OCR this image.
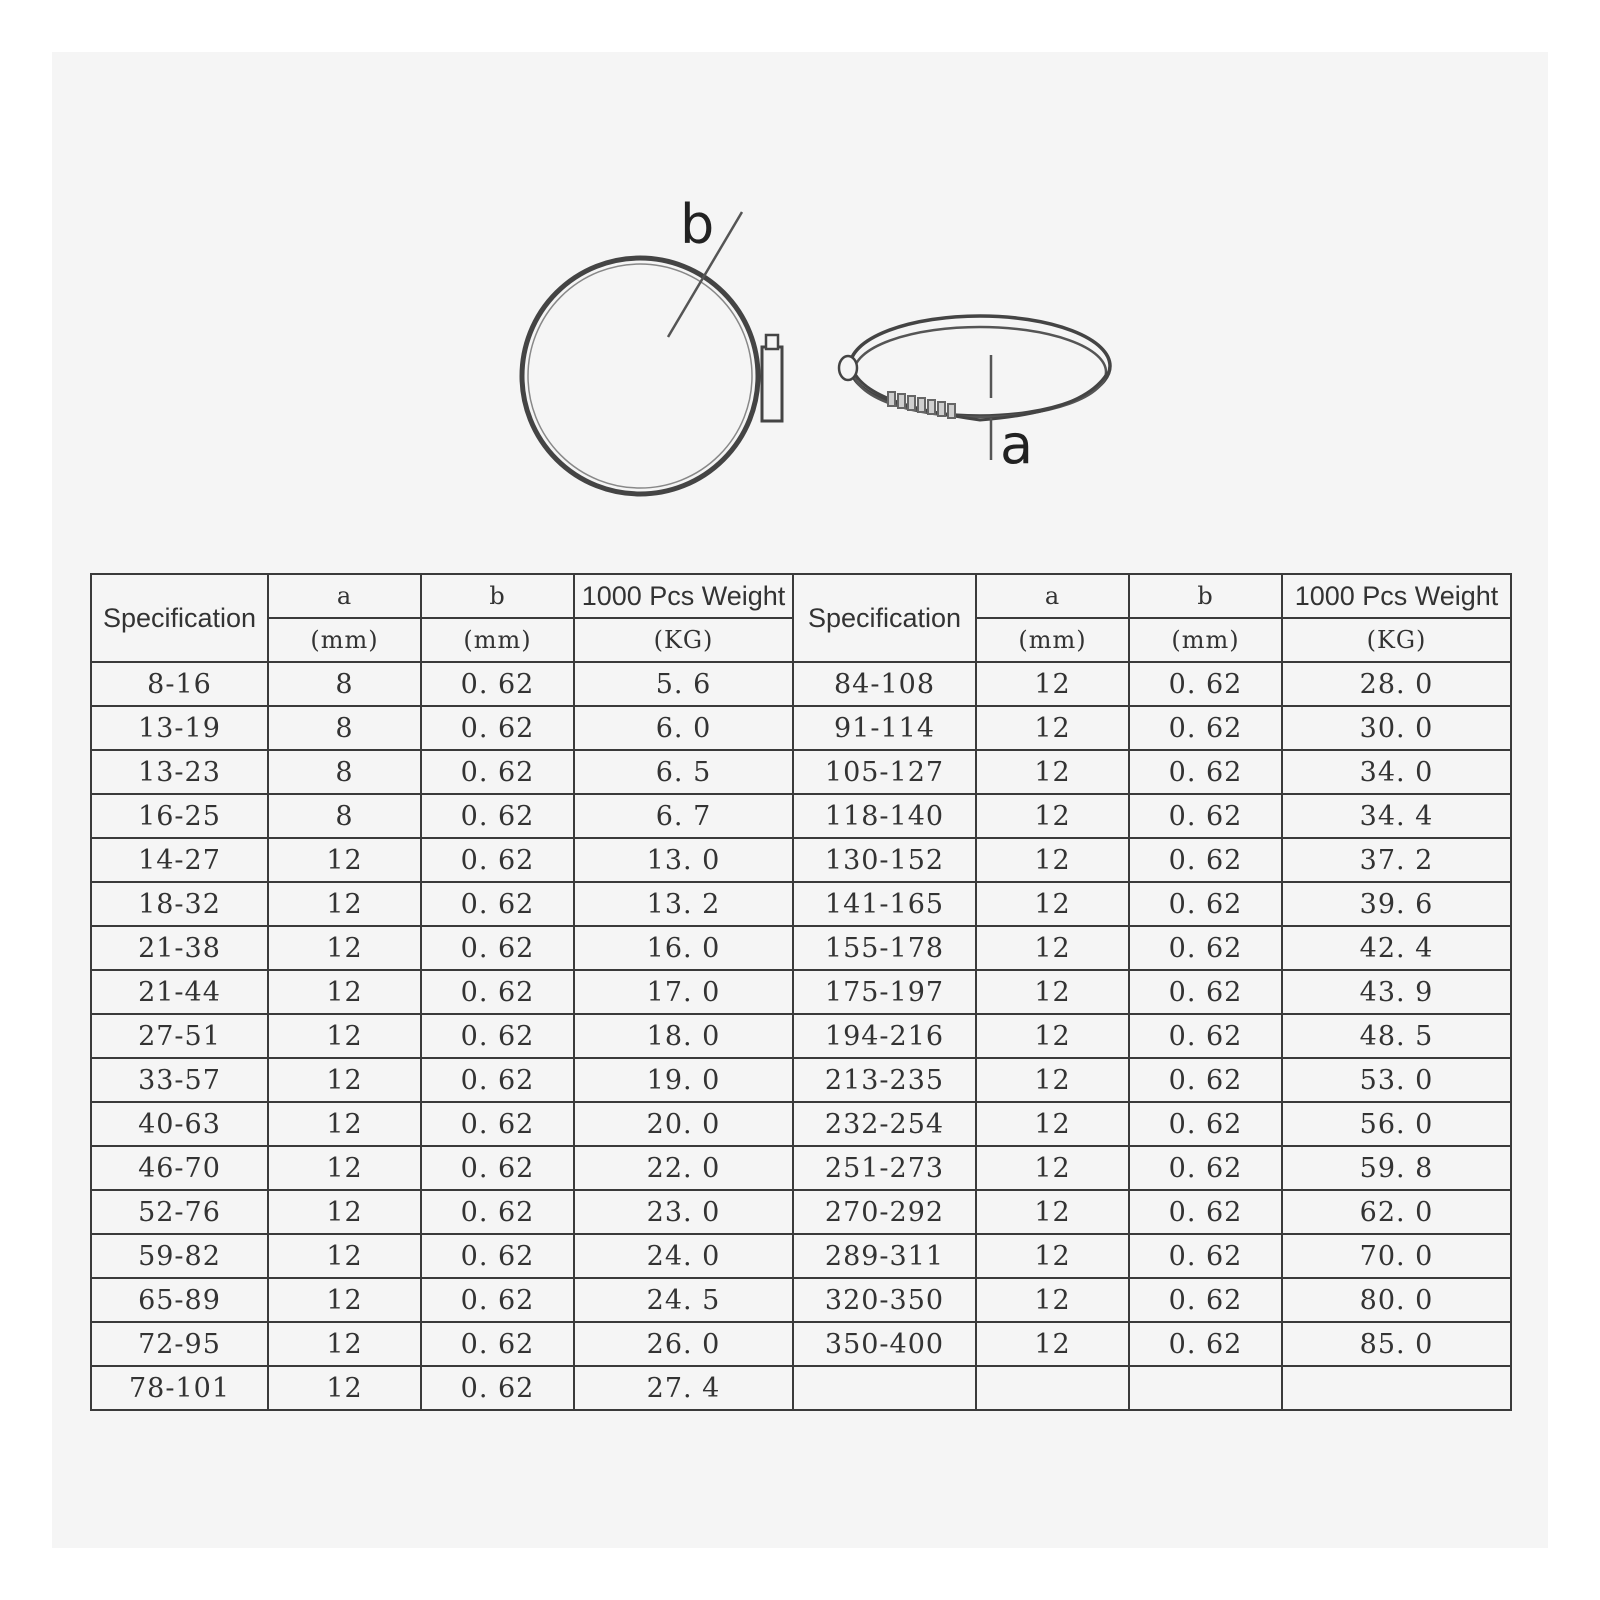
b
a
Specification	a	b	1000 Pcs Weight	Specification	a	b	1000 Pcs Weight
	(mm)	(mm)	(KG)		(mm)	(mm)	(KG)
8-16	8	0. 62	5. 6	84-108	12	0. 62	28. 0
13-19	8	0. 62	6. 0	91-114	12	0. 62	30. 0
13-23	8	0. 62	6. 5	105-127	12	0. 62	34. 0
16-25	8	0. 62	6. 7	118-140	12	0. 62	34. 4
14-27	12	0. 62	13. 0	130-152	12	0. 62	37. 2
18-32	12	0. 62	13. 2	141-165	12	0. 62	39. 6
21-38	12	0. 62	16. 0	155-178	12	0. 62	42. 4
21-44	12	0. 62	17. 0	175-197	12	0. 62	43. 9
27-51	12	0. 62	18. 0	194-216	12	0. 62	48. 5
33-57	12	0. 62	19. 0	213-235	12	0. 62	53. 0
40-63	12	0. 62	20. 0	232-254	12	0. 62	56. 0
46-70	12	0. 62	22. 0	251-273	12	0. 62	59. 8
52-76	12	0. 62	23. 0	270-292	12	0. 62	62. 0
59-82	12	0. 62	24. 0	289-311	12	0. 62	70. 0
65-89	12	0. 62	24. 5	320-350	12	0. 62	80. 0
72-95	12	0. 62	26. 0	350-400	12	0. 62	85. 0
78-101	12	0. 62	27. 4				
